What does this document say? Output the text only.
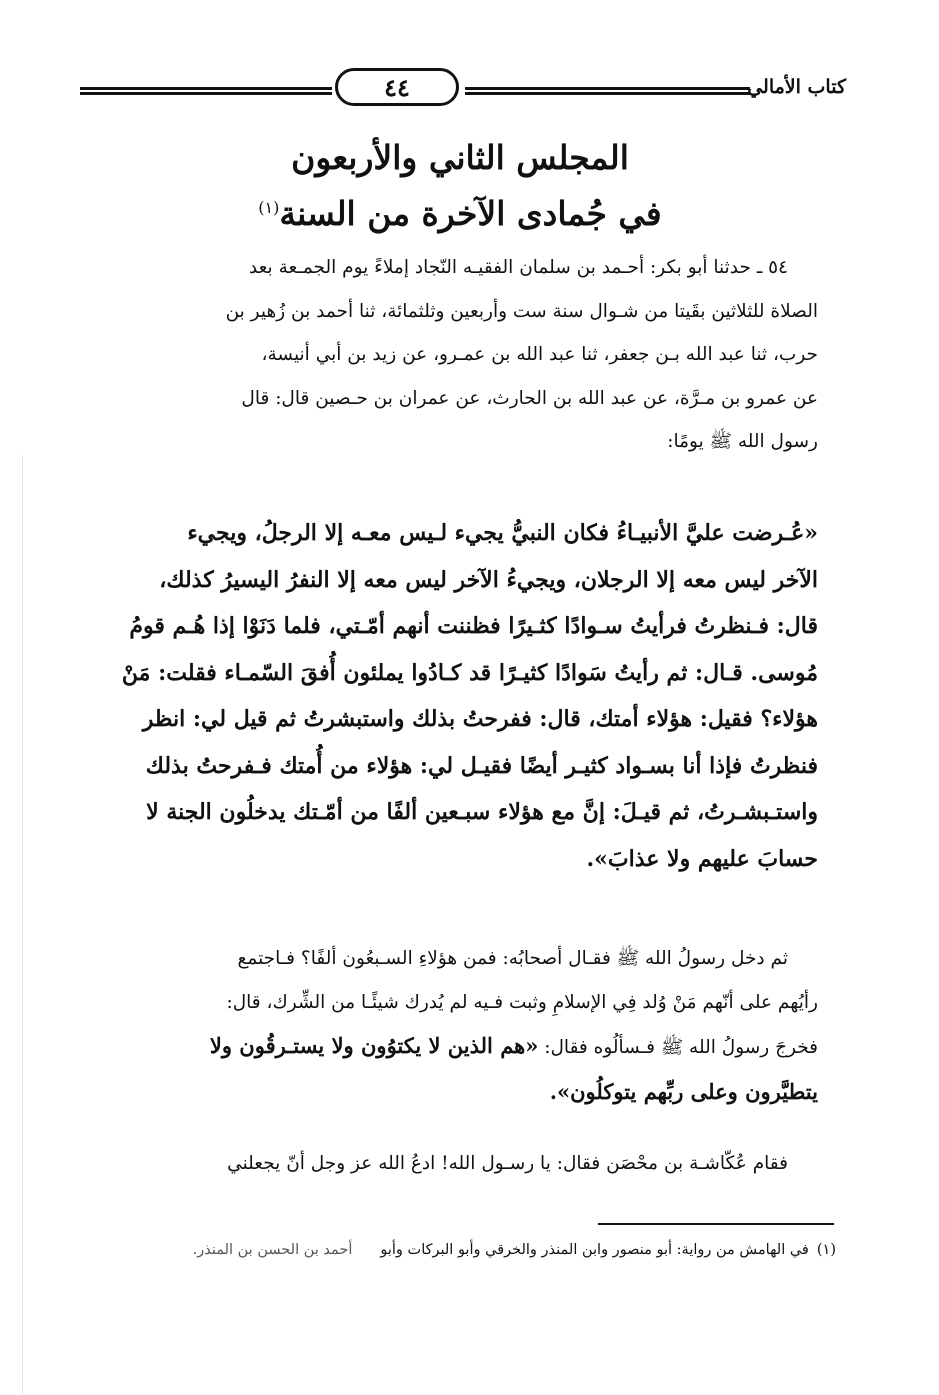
٤٤	كتاب الأمالي
المجلس الثاني والأربعون
في جُمادى الآخرة من السنة$^{(١)}$
٥٤ ـ حدثنا أبو بكر: أحـمد بن سلمان الفقيـه النّجاد إملاءً يوم الجمـعة بعد
الصلاة للثلاثين بقَيتا من شـوال سنة ست وأربعين وثلثمائة، ثنا أحمد بن زُهير بن
حرب، ثنا عبد الله بـن جعفر، ثنا عبد الله بن عمـرو، عن زيد بن أبي أنيسة،
عن عمرو بن مـرَّة، عن عبد الله بن الحارث، عن عمران بن حـصين قال: قال
رسول الله ﷺ يومًا:
«عُـرضت عليَّ الأنبيـاءُ فكان النبيُّ يجيء لـيس معـه إلا الرجلُ، ويجيء
الآخر ليس معه إلا الرجلان، ويجيءُ الآخر ليس معه إلا النفرُ اليسيرُ كذلك،
قال: فـنظرتُ فرأيتُ سـوادًا كثـيرًا فظننت أنهم أمّـتي، فلما دَنَوْا إذا هُـم قومُ
مُوسى. قـال: ثم رأيتُ سَوادًا كثيـرًا قد كـادُوا يملئون أُفقَ السّمـاء فقلت: مَنْ
هؤلاء؟ فقيل: هؤلاء أمتك، قال: ففرحتُ بذلك واستبشرتُ ثم قيل لي: انظر
فنظرتُ فإذا أنا بسـواد كثيـر أيضًا فقيـل لي: هؤلاء من أُمتك فـفرحتُ بذلك
واستـبشـرتُ، ثم قيـلَ: إنَّ مع هؤلاء سبـعين ألفًا من أمّـتك يدخلُون الجنة لا
حسابَ عليهم ولا عذابَ».
ثم دخل رسولُ الله ﷺ فقـال أصحابُه: فمن هؤلاءِ السـبعُون ألفًا؟ فـاجتمع
رأيُهم على أنّهم مَنْ وُلد فِي الإسلامِ وثبت فـيه لم يُدرك شيئًـا من الشِّرك، قال:
فخرجَ رسولُ الله ﷺ فـسألُوه فقال: «هم الذين لا يكتوُون ولا يستـرقُون ولا
يتطيَّرون وعلى ربِّهم يتوكلُون».
فقام عُكّاشـة بن محْصَن فقال: يا رسـول الله! ادعُ الله عز وجل أنّ يجعلني
(١)في الهامش من رواية: أبو منصور وابن المنذر والخرقي وأبو البركات وأبوأحمد بن الحسن بن المنذر.
